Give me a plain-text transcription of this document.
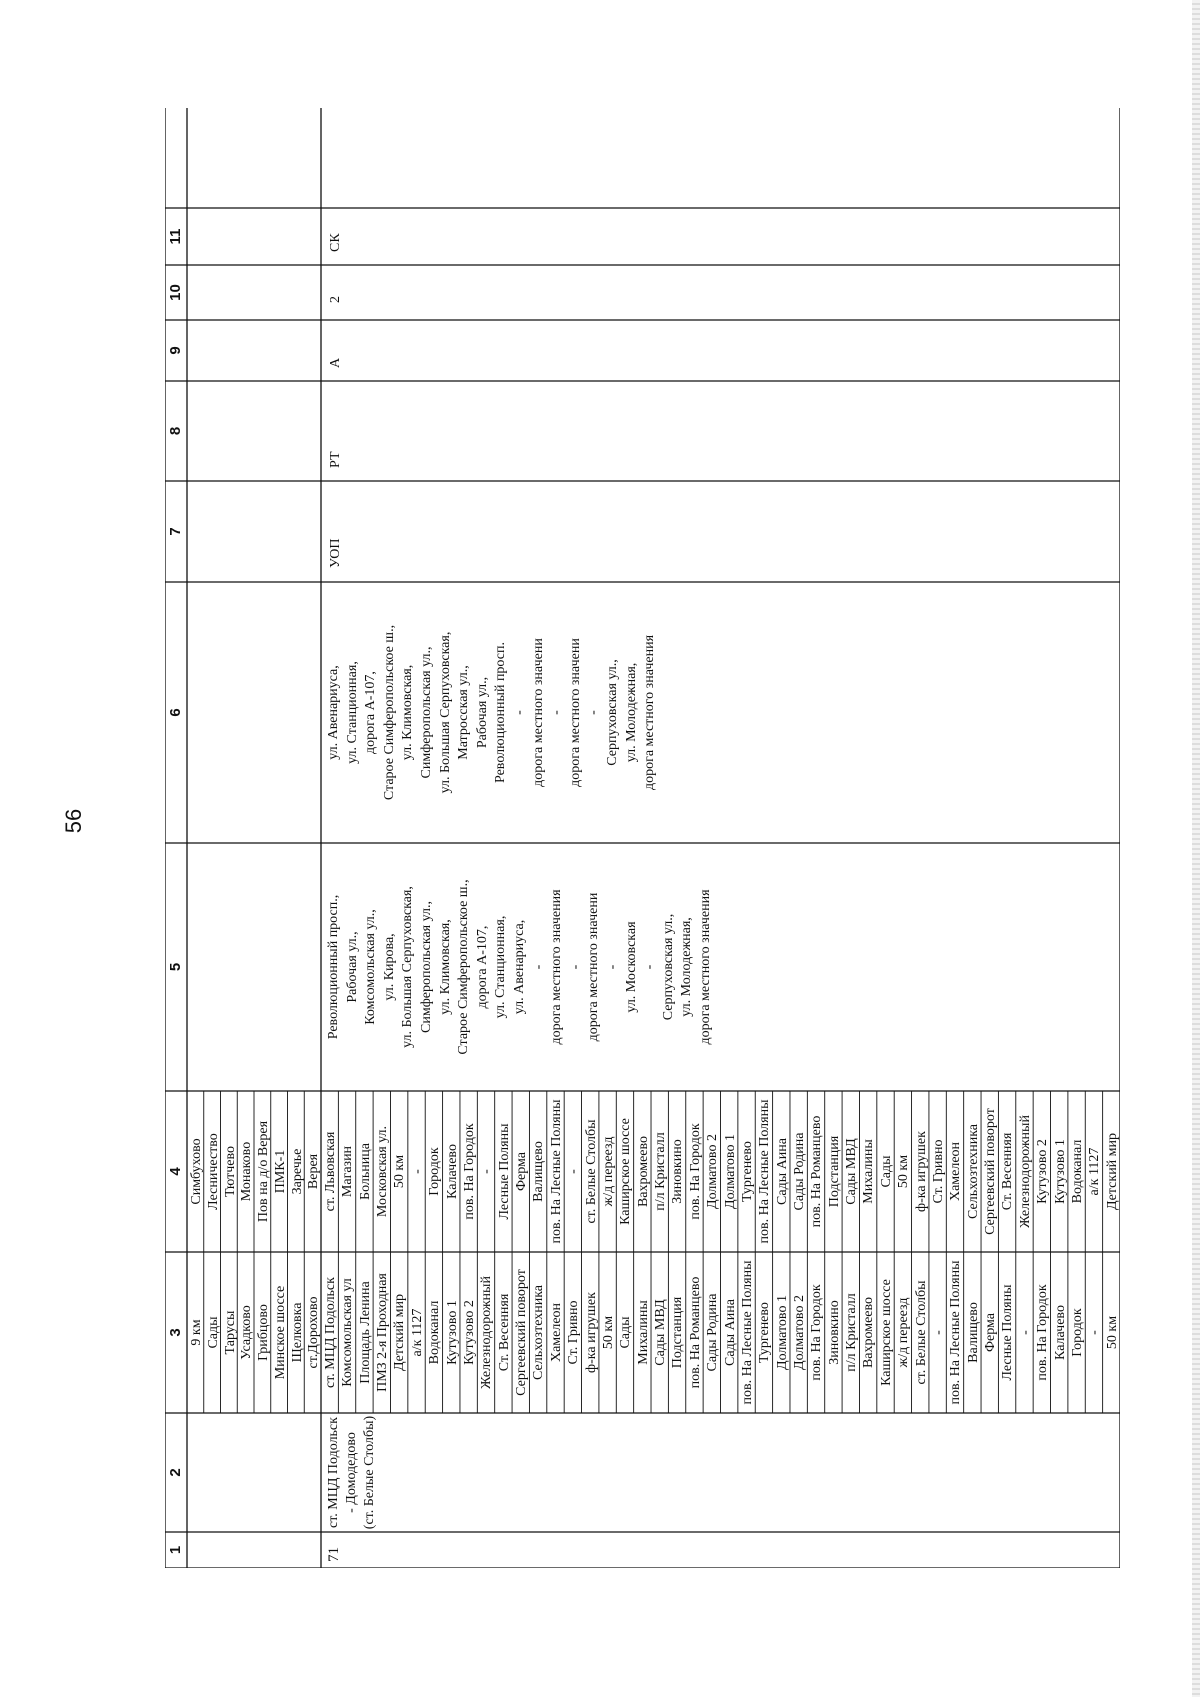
56
1
2
3
4
5
6
7
8
9
10
11
71
ст. МЦД Подольск - Домодедово (ст. Белые Столбы)
9 км
Симбухово
Сады
Лесничество
Тарусы
Тютчево
Усадково
Монаково
Грибцово
Пов на д/о Верея
Минское шоссе
ПМК-1
Щелковка
Заречье
ст.Дорохово
Верея
ст. МЦД Подольск
ст. Львовская
Комсомольская ул
Магазин
Площадь Ленина
Больница
ПМЗ 2-я Проходная
Московская ул.
Детский мир
50 км
а/к 1127
-
Водоканал
Городок
Кутузово 1
Калачево
Кутузово 2
пов. На Городок
Железнодорожный
-
Ст. Весенняя
Лесные Поляны
Сергеевский поворот
Ферма
Сельхозтехника
Валищево
Хамелеон
пов. На Лесные Поляны
Ст. Гривно
-
ф-ка игрушек
ст. Белые Столбы
50 км
ж/д переезд
Сады
Каширское шоссе
Михалины
Вахромеево
Сады МВД
п/л Кристалл
Подстанция
Зиновкино
пов. На Романцево
пов. На Городок
Сады Родина
Долматово 2
Сады Аина
Долматово 1
пов. На Лесные Поляны
Тургенево
Тургенево
пов. На Лесные Поляны
Долматово 1
Сады Аина
Долматово 2
Сады Родина
пов. На Городок
пов. На Романцево
Зиновкино
Подстанция
п/л Кристалл
Сады МВД
Вахромеево
Михалины
Каширское шоссе
Сады
ж/д переезд
50 км
ст. Белые Столбы
ф-ка игрушек
-
Ст. Гривно
пов. На Лесные Поляны
Хамелеон
Валищево
Сельхозтехника
Ферма
Сергеевский поворот
Лесные Поляны
Ст. Весенняя
-
Железнодорожный
пов. На Городок
Кутузово 2
Калачево
Кутузово 1
Городок
Водоканал
-
а/к 1127
50 км
Детский мир
Революционный просп., Рабочая ул., Комсомольская ул., ул. Кирова, ул. Большая Серпуховская, Симферопольская ул., ул. Климовская, Старое Симферопольское ш., дорога А-107, ул. Станционная, ул. Авенариуса, - дорога местного значения - дорога местного значени - ул. Московская - Серпуховская ул., ул. Молодежная, дорога местного значения
ул. Авенариуса, ул. Станционная, дорога А-107, Старое Симферопольское ш., ул. Климовская, Симферопольская ул., ул. Большая Серпуховская, Матросская ул., Рабочая ул., Революционный просп. - дорога местного значени - дорога местного значени - Серпуховская ул., ул. Молодежная, дорога местного значения
УОП
РТ
А
2
СК
